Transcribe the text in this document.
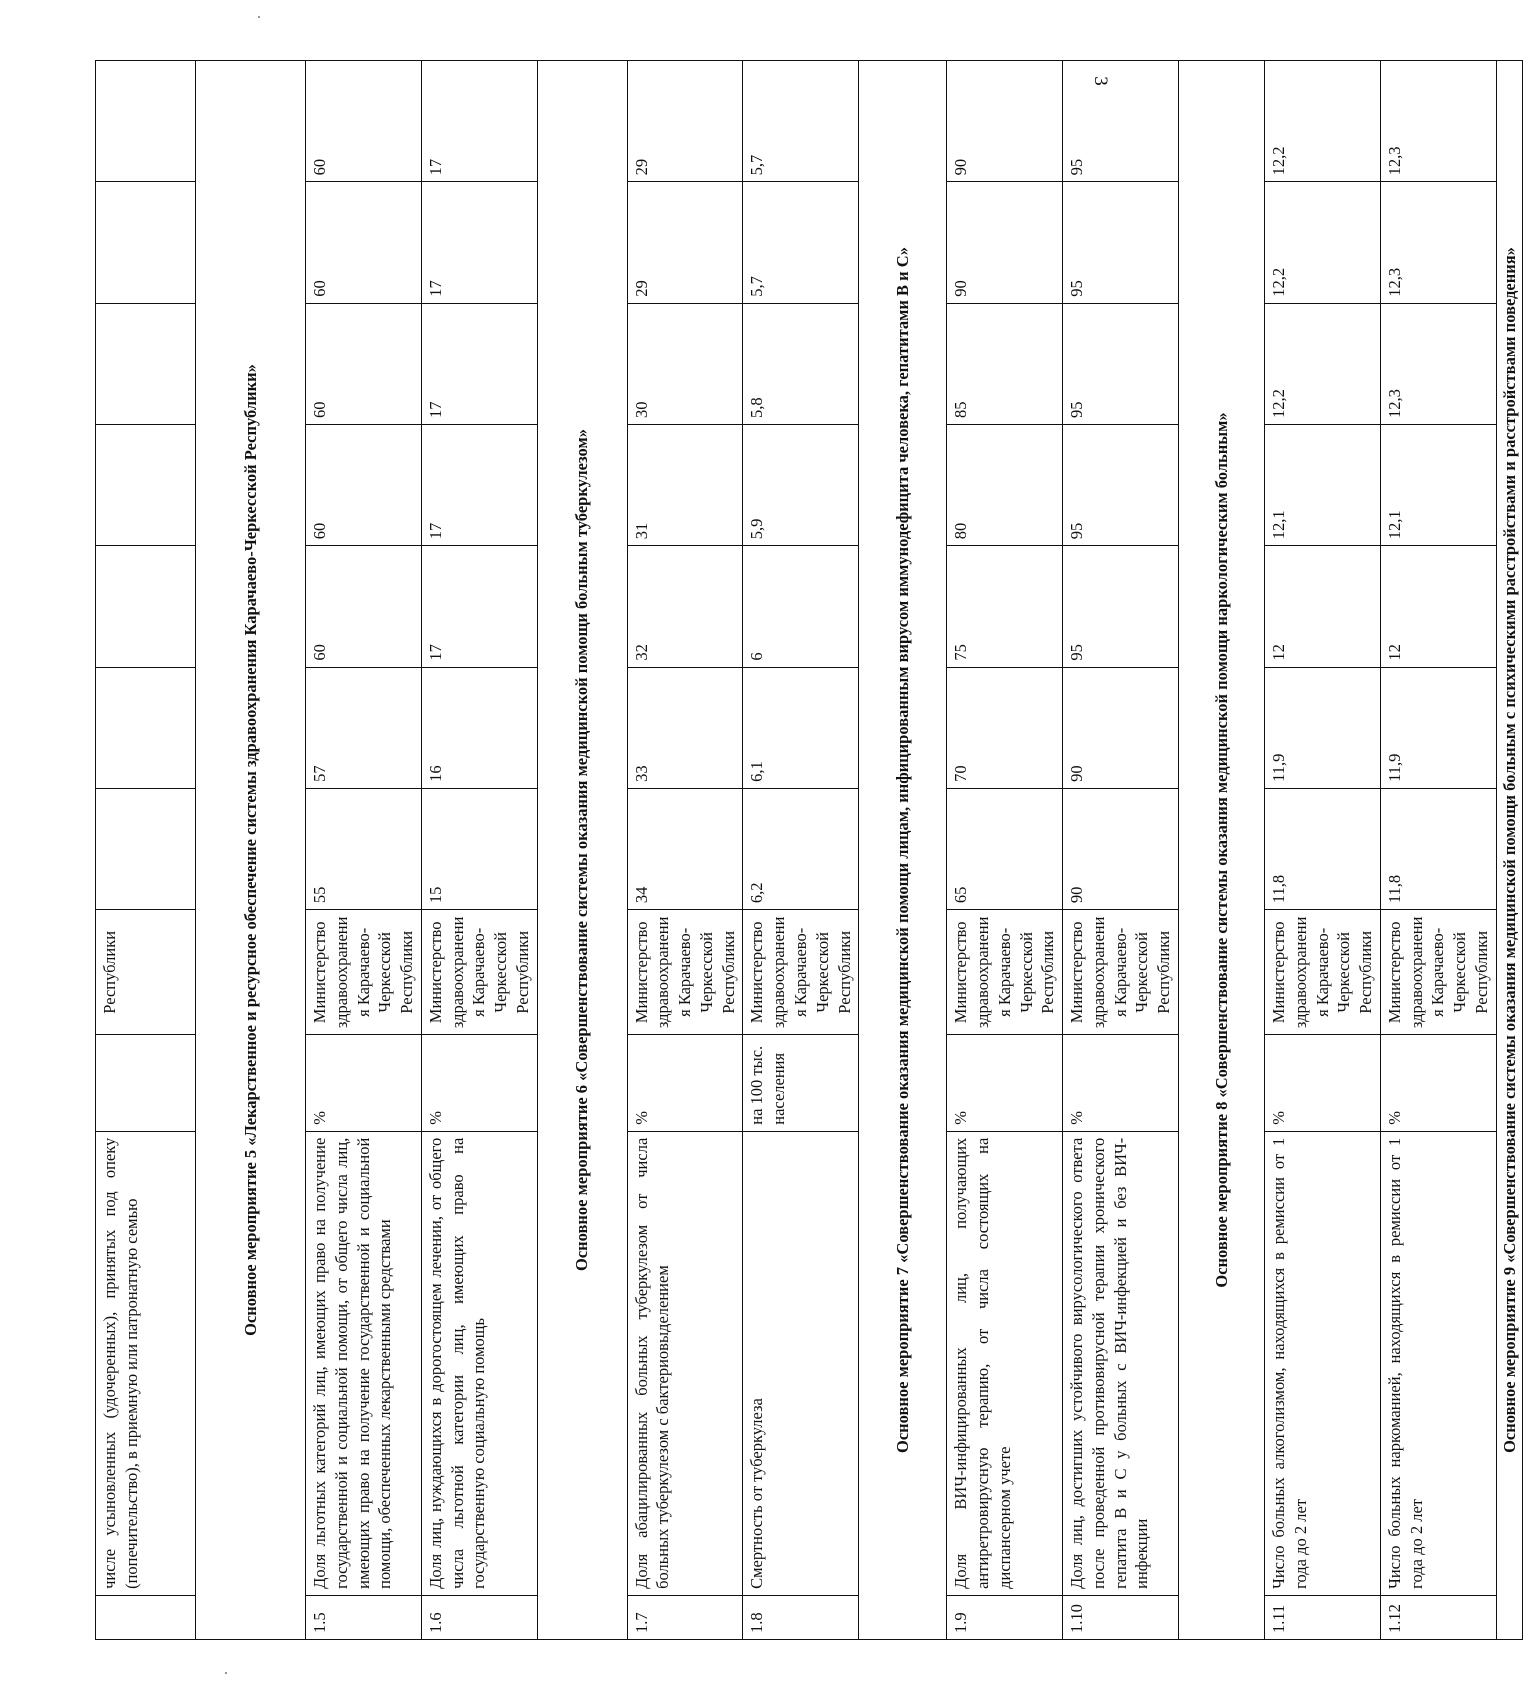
3
	числе усыновленных (удочеренных), принятых под опеку (попечительство), в приемную или патронатную семью		Республики							
Основное мероприятие 5 «Лекарственное и ресурсное обеспечение системы здравоохранения Карачаево-Черкесской Республики»										
1.5	Доля льготных категорий лиц, имеющих право на получение государственной и социальной помощи, от общего числа лиц, имеющих право на получение государственной и социальной помощи, обеспеченных лекарственными средствами	%	Министерство здравоохранения Карачаево-Черкесской Республики	55	57	60	60	60	60	60
1.6	Доля лиц, нуждающихся в дорогостоящем лечении, от общего числа льготной категории лиц, имеющих право на государственную социальную помощь	%	Министерство здравоохранения Карачаево-Черкесской Республики	15	16	17	17	17	17	17
Основное мероприятие 6 «Совершенствование системы оказания медицинской помощи больным туберкулезом»										
1.7	Доля абацилированных больных туберкулезом от числа больных туберкулезом с бактериовыделением	%	Министерство здравоохранения Карачаево-Черкесской Республики	34	33	32	31	30	29	29
1.8	Смертность от туберкулеза	на 100 тыс. населения	Министерство здравоохранения Карачаево-Черкесской Республики	6,2	6,1	6	5,9	5,8	5,7	5,7
Основное мероприятие 7 «Совершенствование оказания медицинской помощи лицам, инфицированным вирусом иммунодефицита человека, гепатитами В и С»										
1.9	Доля ВИЧ-инфицированных лиц, получающих антиретровирусную терапию, от числа состоящих на диспансерном учете	%	Министерство здравоохранения Карачаево-Черкесской Республики	65	70	75	80	85	90	90
1.10	Доля лиц, достигших устойчивого вирусологического ответа после проведенной противовирусной терапии хронического гепатита В и С у больных с ВИЧ-инфекцией и без ВИЧ-инфекции	%	Министерство здравоохранения Карачаево-Черкесской Республики	90	90	95	95	95	95	95
Основное мероприятие 8 «Совершенствование системы оказания медицинской помощи наркологическим больным»										
1.11	Число больных алкоголизмом, находящихся в ремиссии от 1 года до 2 лет	%	Министерство здравоохранения Карачаево-Черкесской Республики	11,8	11,9	12	12,1	12,2	12,2	12,2
1.12	Число больных наркоманией, находящихся в ремиссии от 1 года до 2 лет	%	Министерство здравоохранения Карачаево-Черкесской Республики	11,8	11,9	12	12,1	12,3	12,3	12,3
Основное мероприятие 9 «Совершенствование системы оказания медицинской помощи больным с психическими расстройствами и расстройствами поведения»										
